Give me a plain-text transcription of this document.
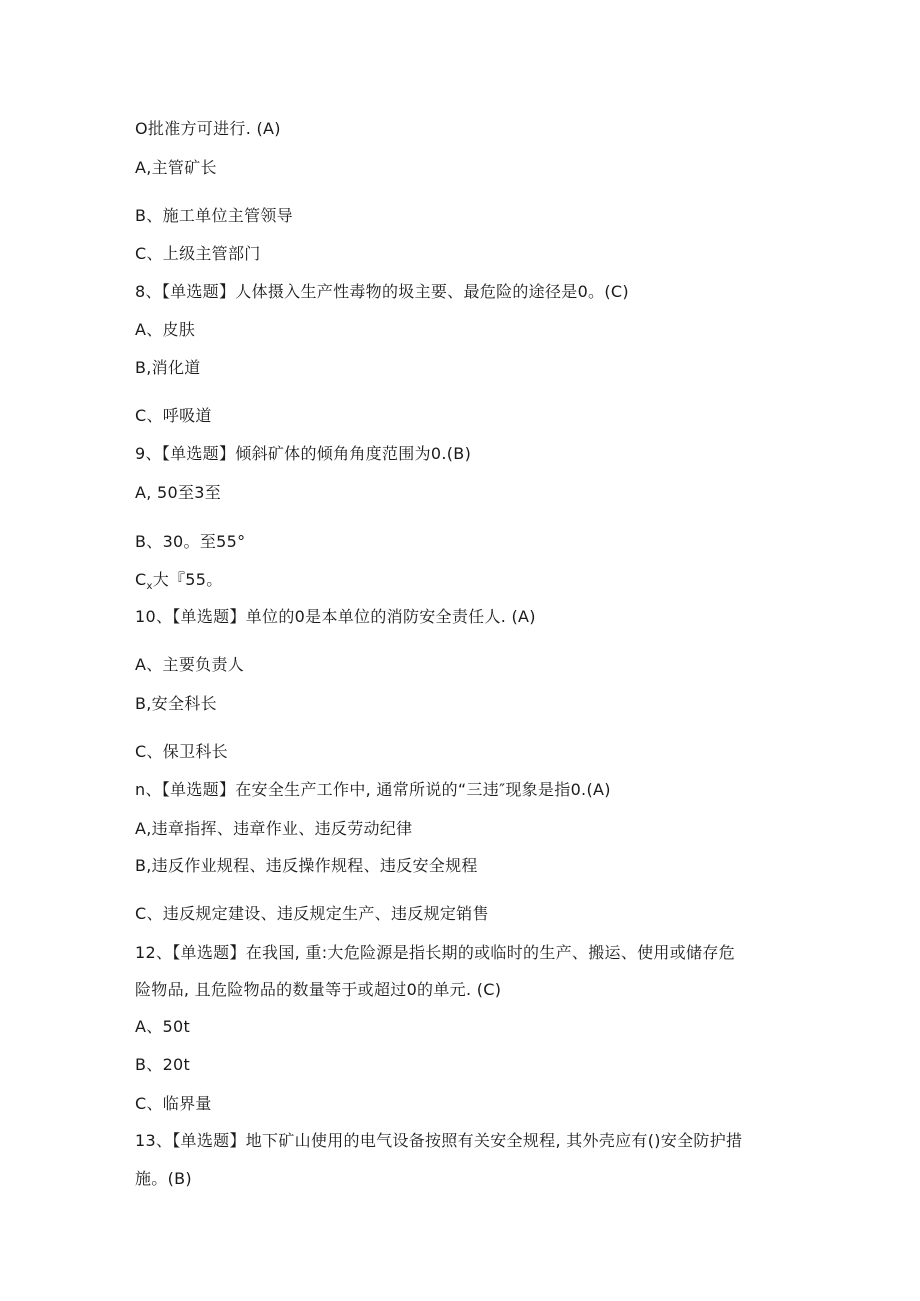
O批准方可进行. (A)
A,主管矿长
B、施工单位主管领导
C、上级主管部门
8、【单选题】人体摄入生产性毒物的圾主要、最危险的途径是0。(C)
A、皮肤
B,消化道
C、呼吸道
9、【单选题】倾斜矿体的倾角角度范围为0.(B)
A, 50至3至
B、30。至55°
$C_x$大『55。
10、【单选题】单位的0是本单位的消防安全责任人. (A)
A、主要负责人
B,安全科长
C、保卫科长
n、【单选题】在安全生产工作中, 通常所说的“三违″现象是指0.(A)
A,违章指挥、违章作业、违反劳动纪律
B,违反作业规程、违反操作规程、违反安全规程
C、违反规定建设、违反规定生产、违反规定销售
12、【单选题】在我国, 重:大危险源是指长期的或临时的生产、搬运、使用或储存危
险物品, 且危险物品的数量等于或超过0的单元. (C)
A、50t
B、20t
C、临界量
13、【单选题】地下矿山使用的电气设备按照有关安全规程, 其外壳应有()安全防护措
施。(B)
